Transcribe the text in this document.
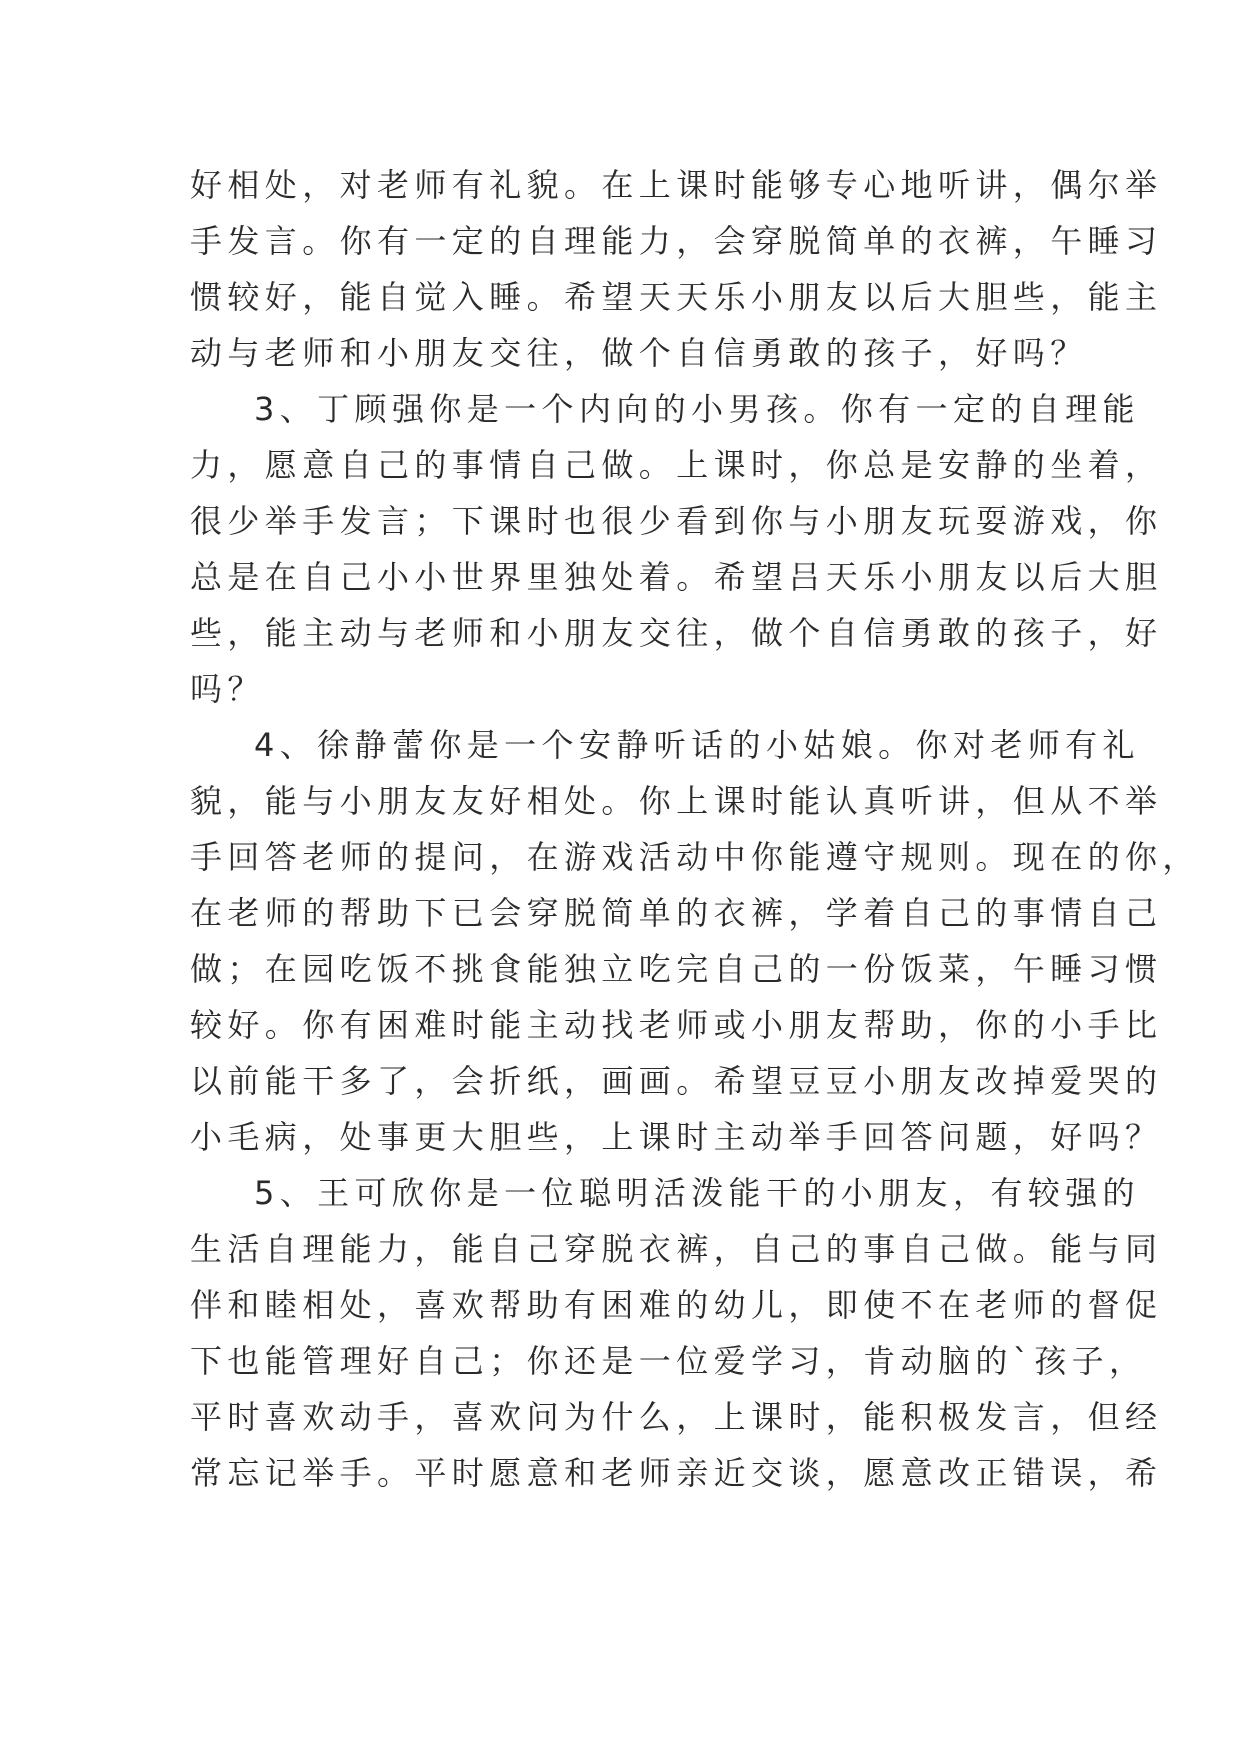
好相处，对老师有礼貌。在上课时能够专心地听讲，偶尔举
手发言。你有一定的自理能力，会穿脱简单的衣裤，午睡习
惯较好，能自觉入睡。希望天天乐小朋友以后大胆些，能主
动与老师和小朋友交往，做个自信勇敢的孩子，好吗？
3、丁顾强你是一个内向的小男孩。你有一定的自理能
力，愿意自己的事情自己做。上课时，你总是安静的坐着，
很少举手发言；下课时也很少看到你与小朋友玩耍游戏，你
总是在自己小小世界里独处着。希望吕天乐小朋友以后大胆
些，能主动与老师和小朋友交往，做个自信勇敢的孩子，好
吗？
4、徐静蕾你是一个安静听话的小姑娘。你对老师有礼
貌，能与小朋友友好相处。你上课时能认真听讲，但从不举
手回答老师的提问，在游戏活动中你能遵守规则。现在的你，
在老师的帮助下已会穿脱简单的衣裤，学着自己的事情自己
做；在园吃饭不挑食能独立吃完自己的一份饭菜，午睡习惯
较好。你有困难时能主动找老师或小朋友帮助，你的小手比
以前能干多了，会折纸，画画。希望豆豆小朋友改掉爱哭的
小毛病，处事更大胆些，上课时主动举手回答问题，好吗？
5、王可欣你是一位聪明活泼能干的小朋友，有较强的
生活自理能力，能自己穿脱衣裤，自己的事自己做。能与同
伴和睦相处，喜欢帮助有困难的幼儿，即使不在老师的督促
下也能管理好自己；你还是一位爱学习，肯动脑的`孩子，
平时喜欢动手，喜欢问为什么，上课时，能积极发言，但经
常忘记举手。平时愿意和老师亲近交谈，愿意改正错误，希
